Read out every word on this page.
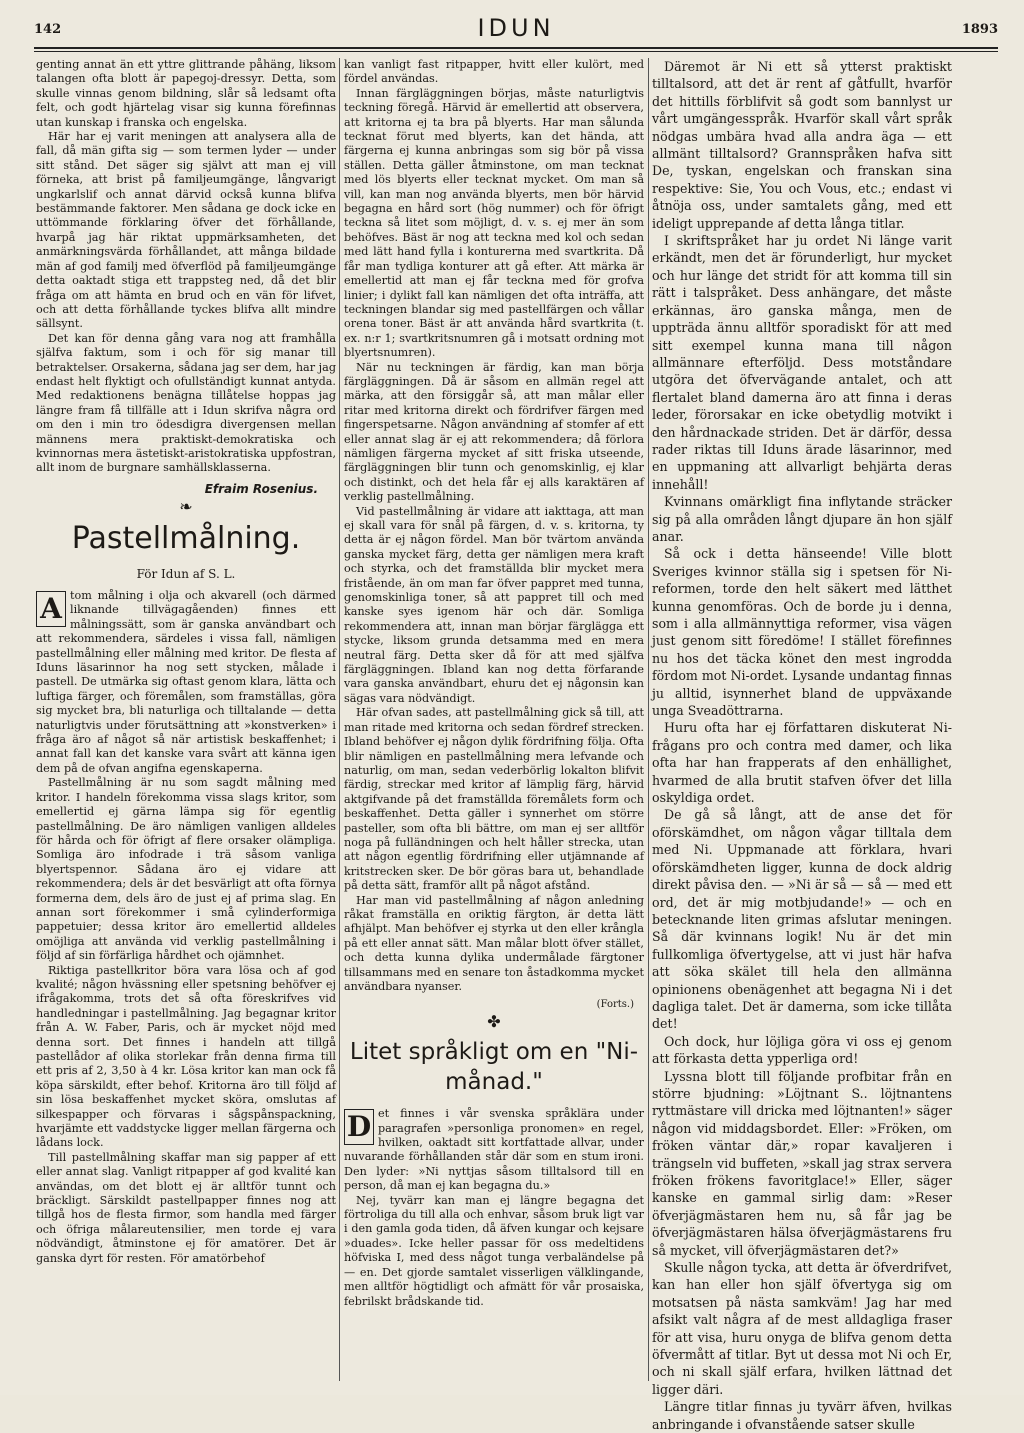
142	IDUN	1893

genting annat än ett yttre glittrande påhäng, liksom talangen ofta blott är papegoj-dressyr. Detta, som skulle vinnas genom bildning, slår så ledsamt ofta felt, och godt hjärtelag visar sig kunna förefinnas utan kunskap i franska och engelska.

Här har ej varit meningen att analysera alla de fall, då män gifta sig — som termen lyder — under sitt stånd. Det säger sig självt att man ej vill förneka, att brist på familjeumgänge, långvarigt ungkarlslif och annat därvid också kunna blifva bestämmande faktorer. Men sådana ge dock icke en uttömmande förklaring öfver det förhållande, hvarpå jag här riktat uppmärksamheten, det anmärkningsvärda förhållandet, att många bildade män af god familj med öfverflöd på familjeumgänge detta oaktadt stiga ett trappsteg ned, då det blir fråga om att hämta en brud och en vän för lifvet, och att detta förhållande tyckes blifva allt mindre sällsynt.

Det kan för denna gång vara nog att framhålla själfva faktum, som i och för sig manar till betraktelser. Orsakerna, sådana jag ser dem, har jag endast helt flyktigt och ofullständigt kunnat antyda. Med redaktionens benägna tillåtelse hoppas jag längre fram få tillfälle att i Idun skrifva några ord om den i min tro ödesdigra divergensen mellan männens mera praktiskt-demokratiska och kvinnornas mera ästetiskt-aristokratiska uppfostran, allt inom de burgnare samhällsklasserna.

Efraim Rosenius.

❧
Pastellmålning.

För Idun af S. L.

A tom målning i olja och akvarell (och därmed liknande tillvägagåenden) finnes ett målningssätt, som är ganska användbart och att rekommendera, särdeles i vissa fall, nämligen pastellmålning eller målning med kritor. De flesta af Iduns läsarinnor ha nog sett stycken, målade i pastell. De utmärka sig oftast genom klara, lätta och luftiga färger, och föremålen, som framställas, göra sig mycket bra, bli naturliga och tilltalande — detta naturligtvis under förutsättning att »konstverken» i fråga äro af något så när artistisk beskaffenhet; i annat fall kan det kanske vara svårt att känna igen dem på de ofvan angifna egenskaperna.

Pastellmålning är nu som sagdt målning med kritor. I handeln förekomma vissa slags kritor, som emellertid ej gärna lämpa sig för egentlig pastellmålning. De äro nämligen vanligen alldeles för hårda och för öfrigt af flere orsaker olämpliga. Somliga äro infodrade i trä såsom vanliga blyertspennor. Sådana äro ej vidare att rekommendera; dels är det besvärligt att ofta förnya formerna dem, dels äro de just ej af prima slag. En annan sort förekommer i små cylinderformiga pappetuier; dessa kritor äro emellertid alldeles omöjliga att använda vid verklig pastellmålning i följd af sin förfärliga hårdhet och ojämnhet.

Riktiga pastellkritor böra vara lösa och af god kvalité; någon hvässning eller spetsning behöfver ej ifrågakomma, trots det så ofta föreskrifves vid handledningar i pastellmålning. Jag begagnar kritor från A. W. Faber, Paris, och är mycket nöjd med denna sort. Det finnes i handeln att tillgå pastellådor af olika storlekar från denna firma till ett pris af 2, 3,50 à 4 kr. Lösa kritor kan man ock få köpa särskildt, efter behof. Kritorna äro till följd af sin lösa beskaffenhet mycket sköra, omslutas af silkespapper och förvaras i sågspånspackning, hvarjämte ett vaddstycke ligger mellan färgerna och lådans lock.

Till pastellmålning skaffar man sig papper af ett eller annat slag. Vanligt ritpapper af god kvalité kan användas, om det blott ej är alltför tunnt och bräckligt. Särskildt pastellpapper finnes nog att tillgå hos de flesta firmor, som handla med färger och öfriga målareutensilier, men torde ej vara nödvändigt, åtminstone ej för amatörer. Det är ganska dyrt för resten. För amatörbehof

kan vanligt fast ritpapper, hvitt eller kulört, med fördel användas.

Innan färgläggningen börjas, måste naturligtvis teckning föregå. Härvid är emellertid att observera, att kritorna ej ta bra på blyerts. Har man sålunda tecknat förut med blyerts, kan det hända, att färgerna ej kunna anbringas som sig bör på vissa ställen. Detta gäller åtminstone, om man tecknat med lös blyerts eller tecknat mycket. Om man så vill, kan man nog använda blyerts, men bör härvid begagna en hård sort (hög nummer) och för öfrigt teckna så litet som möjligt, d. v. s. ej mer än som behöfves. Bäst är nog att teckna med kol och sedan med lätt hand fylla i konturerna med svartkrita. Då får man tydliga konturer att gå efter. Att märka är emellertid att man ej får teckna med för grofva linier; i dylikt fall kan nämligen det ofta inträffa, att teckningen blandar sig med pastellfärgen och vållar orena toner. Bäst är att använda hård svartkrita (t. ex. n:r 1; svartkritsnumren gå i motsatt ordning mot blyertsnumren).

När nu teckningen är färdig, kan man börja färgläggningen. Då är såsom en allmän regel att märka, att den försiggår så, att man målar eller ritar med kritorna direkt och fördrifver färgen med fingerspetsarne. Någon användning af stomfer af ett eller annat slag är ej att rekommendera; då förlora nämligen färgerna mycket af sitt friska utseende, färgläggningen blir tunn och genomskinlig, ej klar och distinkt, och det hela får ej alls karaktären af verklig pastellmålning.

Vid pastellmålning är vidare att iakttaga, att man ej skall vara för snål på färgen, d. v. s. kritorna, ty detta är ej någon fördel. Man bör tvärtom använda ganska mycket färg, detta ger nämligen mera kraft och styrka, och det framställda blir mycket mera fristående, än om man far öfver pappret med tunna, genomskinliga toner, så att pappret till och med kanske syes igenom här och där. Somliga rekommendera att, innan man börjar färglägga ett stycke, liksom grunda detsamma med en mera neutral färg. Detta sker då för att med själfva färgläggningen. Ibland kan nog detta förfarande vara ganska användbart, ehuru det ej någonsin kan sägas vara nödvändigt.

Här ofvan sades, att pastellmålning gick så till, att man ritade med kritorna och sedan fördref strecken. Ibland behöfver ej någon dylik fördrifning följa. Ofta blir nämligen en pastellmålning mera lefvande och naturlig, om man, sedan vederbörlig lokalton blifvit färdig, streckar med kritor af lämplig färg, härvid aktgifvande på det framställda föremålets form och beskaffenhet. Detta gäller i synnerhet om större pasteller, som ofta bli bättre, om man ej ser alltför noga på fulländningen och helt håller strecka, utan att någon egentlig fördrifning eller utjämnande af kritstrecken sker. De bör göras bara ut, behandlade på detta sätt, framför allt på något afstånd.

Har man vid pastellmålning af någon anledning råkat framställa en oriktig färgton, är detta lätt afhjälpt. Man behöfver ej styrka ut den eller krångla på ett eller annat sätt. Man målar blott öfver stället, och detta kunna dylika undermålade färgtoner tillsammans med en senare ton åstadkomma mycket användbara nyanser.

(Forts.)

✤
Litet språkligt om en "Ni-månad."
D et finnes i vår svenska språklära under paragrafen »personliga pronomen» en regel, hvilken, oaktadt sitt kortfattade allvar, under nuvarande förhållanden står där som en stum ironi. Den lyder: »Ni nyttjas såsom tilltalsord till en person, då man ej kan begagna du.»

Nej, tyvärr kan man ej längre begagna det förtroliga du till alla och enhvar, såsom bruk ligt var i den gamla goda tiden, då äfven kungar och kejsare »duades». Icke heller passar för oss medeltidens höfviska I, med dess något tunga verbaländelse på — en. Det gjorde samtalet visserligen välklingande, men alltför högtidligt och afmätt för vår prosaiska, febrilskt brådskande tid.

Däremot är Ni ett så ytterst praktiskt tilltalsord, att det är rent af gåtfullt, hvarför det hittills förblifvit så godt som bannlyst ur vårt umgängesspråk. Hvarför skall vårt språk nödgas umbära hvad alla andra äga — ett allmänt tilltalsord? Grannspråken hafva sitt De, tyskan, engelskan och franskan sina respektive: Sie, You och Vous, etc.; endast vi åtnöja oss, under samtalets gång, med ett ideligt upprepande af detta långa titlar.

I skriftspråket har ju ordet Ni länge varit erkändt, men det är förunderligt, hur mycket och hur länge det stridt för att komma till sin rätt i talspråket. Dess anhängare, det måste erkännas, äro ganska många, men de uppträda ännu alltför sporadiskt för att med sitt exempel kunna mana till någon allmännare efterföljd. Dess motståndare utgöra det öfvervägande antalet, och att flertalet bland damerna äro att finna i deras leder, förorsakar en icke obetydlig motvikt i den hårdnackade striden. Det är därför, dessa rader riktas till Iduns ärade läsarinnor, med en uppmaning att allvarligt behjärta deras innehåll!

Kvinnans omärkligt fina inflytande sträcker sig på alla områden långt djupare än hon själf anar.

Så ock i detta hänseende! Ville blott Sveriges kvinnor ställa sig i spetsen för Ni-reformen, torde den helt säkert med lätthet kunna genomföras. Och de borde ju i denna, som i alla allmännyttiga reformer, visa vägen just genom sitt föredöme! I stället förefinnes nu hos det täcka könet den mest ingrodda fördom mot Ni-ordet. Lysande undantag finnas ju alltid, isynnerhet bland de uppväxande unga Sveadöttrarna.

Huru ofta har ej författaren diskuterat Ni-frågans pro och contra med damer, och lika ofta har han frapperats af den enhällighet, hvarmed de alla brutit stafven öfver det lilla oskyldiga ordet.

De gå så långt, att de anse det för oförskämdhet, om någon vågar tilltala dem med Ni. Uppmanade att förklara, hvari oförskämdheten ligger, kunna de dock aldrig direkt påvisa den. — »Ni är så — så — med ett ord, det är mig motbjudande!» — och en betecknande liten grimas afslutar meningen. Så där kvinnans logik! Nu är det min fullkomliga öfvertygelse, att vi just här hafva att söka skälet till hela den allmänna opinionens obenägenhet att begagna Ni i det dagliga talet. Det är damerna, som icke tillåta det!

Och dock, hur löjliga göra vi oss ej genom att förkasta detta ypperliga ord!

Lyssna blott till följande profbitar från en större bjudning: »Löjtnant S.. löjtnantens ryttmästare vill dricka med löjtnanten!» säger någon vid middagsbordet. Eller: »Fröken, om fröken väntar där,» ropar kavaljeren i trängseln vid buffeten, »skall jag strax servera fröken frökens favoritglace!» Eller, säger kanske en gammal sirlig dam: »Reser öfverjägmästaren hem nu, så får jag be öfverjägmästaren hälsa öfverjägmästarens fru så mycket, vill öfverjägmästaren det?»

Skulle någon tycka, att detta är öfverdrifvet, kan han eller hon själf öfvertyga sig om motsatsen på nästa samkväm! Jag har med afsikt valt några af de mest alldagliga fraser för att visa, huru onyga de blifva genom detta öfvermått af titlar. Byt ut dessa mot Ni och Er, och ni skall själf erfara, hvilken lättnad det ligger däri.

Längre titlar finnas ju tyvärr äfven, hvilkas anbringande i ofvanstående satser skulle
